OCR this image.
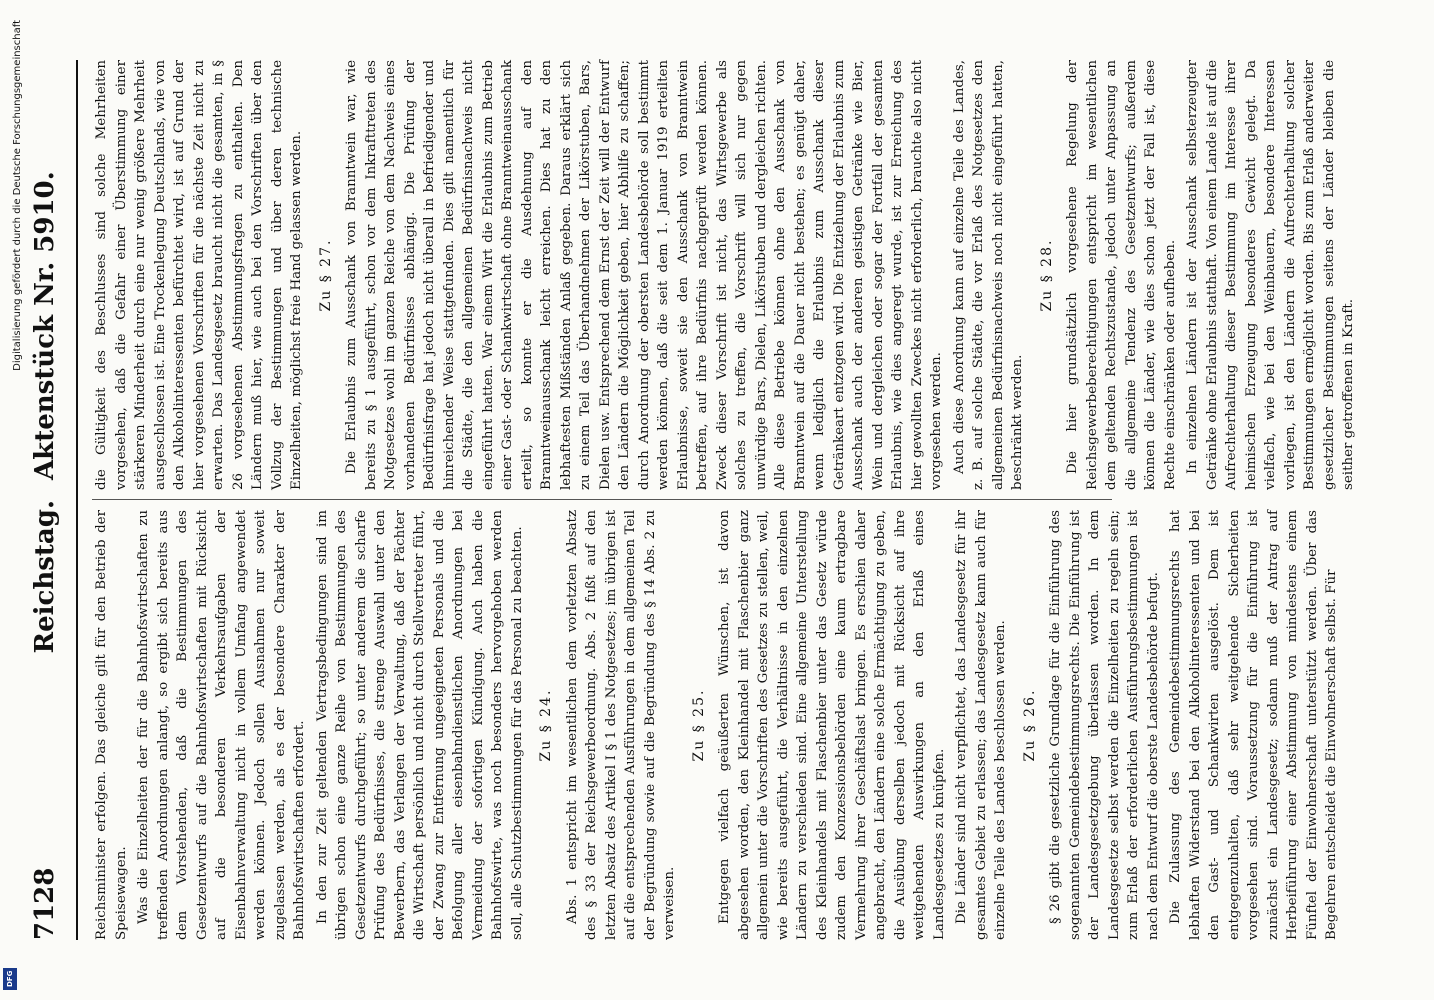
7128
Reichstag.
Aktenstück Nr. 5910.

Reichsminister erfolgen. Das gleiche gilt für den Betrieb der Speisewagen. Was die Einzelheiten der für die Bahnhofswirtschaften zu treffenden Anordnungen anlangt, so ergibt sich bereits aus dem Vorstehenden, daß die Bestimmungen des Gesetzentwurfs auf die Bahnhofswirtschaften mit Rücksicht auf die besonderen Verkehrsaufgaben der Eisenbahnverwaltung nicht in vollem Umfang angewendet werden können. Jedoch sollen Ausnahmen nur soweit zugelassen werden, als es der besondere Charakter der Bahnhofswirtschaften erfordert. In den zur Zeit geltenden Vertragsbedingungen sind im übrigen schon eine ganze Reihe von Bestimmungen des Gesetzentwurfs durchgeführt; so unter anderem die scharfe Prüfung des Bedürfnisses, die strenge Auswahl unter den Bewerbern, das Verlangen der Verwaltung, daß der Pächter die Wirtschaft persönlich und nicht durch Stellvertreter führt, der Zwang zur Entfernung ungeeigneten Personals und die Befolgung aller eisenbahndienstlichen Anordnungen bei Vermeidung der sofortigen Kündigung. Auch haben die Bahnhofswirte, was noch besonders hervorgehoben werden soll, alle Schutzbestimmungen für das Personal zu beachten. Zu § 24. Abs. 1 entspricht im wesentlichen dem vorletzten Absatz des § 33 der Reichsgewerbeordnung. Abs. 2 fußt auf den letzten Absatz des Artikel I § 1 des Notgesetzes; im übrigen ist auf die entsprechenden Ausführungen in dem allgemeinen Teil der Begründung sowie auf die Begründung des § 14 Abs. 2 zu verweisen.

Zu § 25. Entgegen vielfach geäußerten Wünschen, ist davon abgesehen worden, den Kleinhandel mit Flaschenbier ganz allgemein unter die Vorschriften des Gesetzes zu stellen, weil, wie bereits ausgeführt, die Verhältnisse in den einzelnen Ländern zu verschieden sind. Eine allgemeine Unterstellung des Kleinhandels mit Flaschenbier unter das Gesetz würde zudem den Konzessionsbehörden eine kaum ertragbare Vermehrung ihrer Geschäftslast bringen. Es erschien daher angebracht, den Ländern eine solche Ermächtigung zu geben, die Ausübung derselben jedoch mit Rücksicht auf ihre weitgehenden Auswirkungen an den Erlaß eines Landesgesetzes zu knüpfen. Die Länder sind nicht verpflichtet, das Landesgesetz für ihr gesamtes Gebiet zu erlassen; das Landesgesetz kann auch für einzelne Teile des Landes beschlossen werden. Zu § 26. § 26 gibt die gesetzliche Grundlage für die Einführung des sogenannten Gemeindebestimmungsrechts. Die Einführung ist der Landesgesetzgebung überlassen worden. In dem Landesgesetze selbst werden die Einzelheiten zu regeln sein; zum Erlaß der erforderlichen Ausführungsbestimmungen ist nach dem Entwurf die oberste Landesbehörde befugt. Die Zulassung des Gemeindebestimmungsrechts hat lebhaften Widerstand bei den Alkoholinteressenten und bei den Gast- und Schankwirten ausgelöst. Dem ist entgegenzuhalten, daß sehr weitgehende Sicherheiten vorgesehen sind. Voraussetzung für die Einführung ist zunächst ein Landesgesetz; sodann muß der Antrag auf Herbeiführung einer Abstimmung von mindestens einem Fünftel der Einwohnerschaft unterstützt werden. Über das Begehren entscheidet die Einwohnerschaft selbst. Für

die Gültigkeit des Beschlusses sind solche Mehrheiten vorgesehen, daß die Gefahr einer Überstimmung einer stärkeren Minderheit durch eine nur wenig größere Mehrheit ausgeschlossen ist. Eine Trockenlegung Deutschlands, wie von den Alkoholinteressenten befürchtet wird, ist auf Grund der hier vorgesehenen Vorschriften für die nächste Zeit nicht zu erwarten. Das Landesgesetz braucht nicht die gesamten, in § 26 vorgesehenen Abstimmungsfragen zu enthalten. Den Ländern muß hier, wie auch bei den Vorschriften über den Vollzug der Bestimmungen und über deren technische Einzelheiten, möglichst freie Hand gelassen werden. Zu § 27. Die Erlaubnis zum Ausschank von Branntwein war, wie bereits zu § 1 ausgeführt, schon vor dem Inkrafttreten des Notgesetzes wohl im ganzen Reiche von dem Nachweis eines vorhandenen Bedürfnisses abhängig. Die Prüfung der Bedürfnisfrage hat jedoch nicht überall in befriedigender und hinreichender Weise stattgefunden. Dies gilt namentlich für die Städte, die den allgemeinen Bedürfnisnachweis nicht eingeführt hatten. War einem Wirt die Erlaubnis zum Betrieb einer Gast- oder Schankwirtschaft ohne Branntweinausschank erteilt, so konnte er die Ausdehnung auf den Branntweinausschank leicht erreichen. Dies hat zu den lebhaftesten Mißständen Anlaß gegeben. Daraus erklärt sich zu einem Teil das Überhandnehmen der Likörstuben, Bars, Dielen usw. Entsprechend dem Ernst der Zeit will der Entwurf den Ländern die Möglichkeit geben, hier Abhilfe zu schaffen; durch Anordnung der obersten Landesbehörde soll bestimmt werden können, daß die seit dem 1. Januar 1919 erteilten Erlaubnisse, soweit sie den Ausschank von Branntwein betreffen, auf ihre Bedürfnis nachgeprüft werden können. Zweck dieser Vorschrift ist nicht, das Wirtsgewerbe als solches zu treffen, die Vorschrift will sich nur gegen unwürdige Bars, Dielen, Likörstuben und dergleichen richten. Alle diese Betriebe können ohne den Ausschank von Branntwein auf die Dauer nicht bestehen; es genügt daher, wenn lediglich die Erlaubnis zum Ausschank dieser Getränkeart entzogen wird. Die Entziehung der Erlaubnis zum Ausschank auch der anderen geistigen Getränke wie Bier, Wein und dergleichen oder sogar der Fortfall der gesamten Erlaubnis, wie dies angeregt wurde, ist zur Erreichung des hier gewollten Zweckes nicht erforderlich, brauchte also nicht vorgesehen werden. Auch diese Anordnung kann auf einzelne Teile des Landes, z. B. auf solche Städte, die vor Erlaß des Notgesetzes den allgemeinen Bedürfnisnachweis noch nicht eingeführt hatten, beschränkt werden.

Zu § 28. Die hier grundsätzlich vorgesehene Regelung der Reichsgewerbeberechtigungen entspricht im wesentlichen dem geltenden Rechtszustande, jedoch unter Anpassung an die allgemeine Tendenz des Gesetzentwurfs; außerdem können die Länder, wie dies schon jetzt der Fall ist, diese Rechte einschränken oder aufheben. In einzelnen Ländern ist der Ausschank selbsterzeugter Getränke ohne Erlaubnis statthaft. Von einem Lande ist auf die Aufrechterhaltung dieser Bestimmung im Interesse ihrer heimischen Erzeugung besonderes Gewicht gelegt. Da vielfach, wie bei den Weinbauern, besondere Interessen vorliegen, ist den Ländern die Aufrechterhaltung solcher Bestimmungen ermöglicht worden. Bis zum Erlaß anderweiter gesetzlicher Bestimmungen seitens der Länder bleiben die seither getroffenen in Kraft.

Digitalisierung gefördert durch die Deutsche Forschungsgemeinschaft
DFG
